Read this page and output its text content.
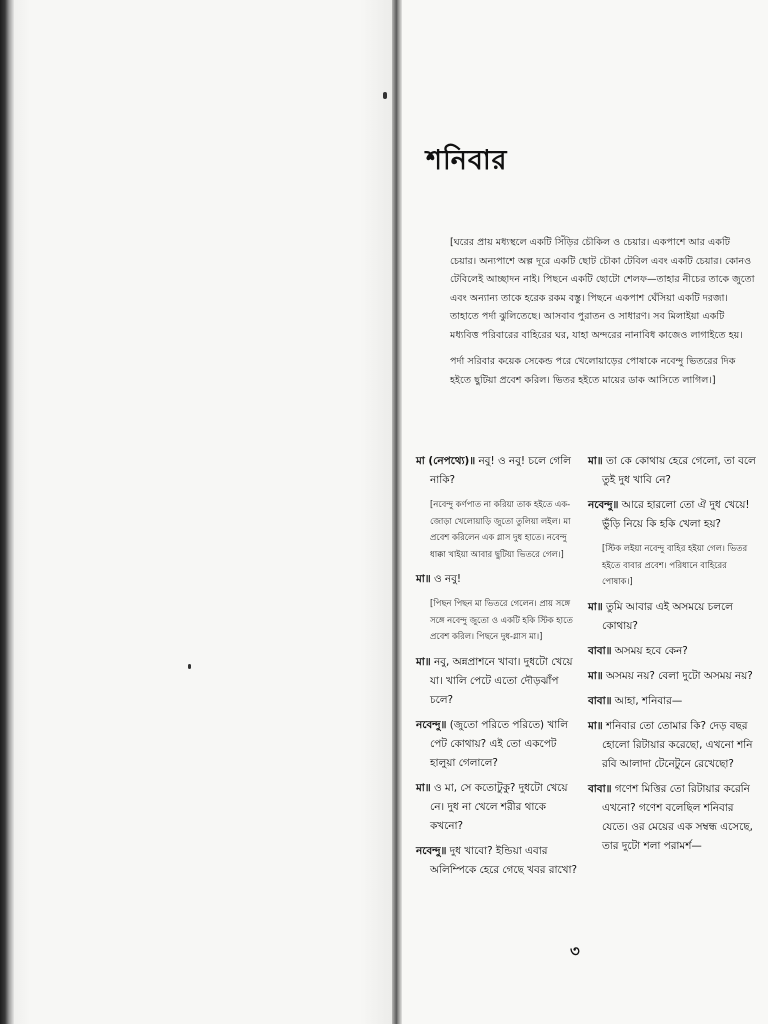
শনিবার

[ঘরের প্রায় মধ্যস্থলে একটি সিঁড়ির চৌকিল ও চেয়ার। একপাশে আর একটি চেয়ার। অন্যপাশে অল্প দূরে একটি ছোট চৌকা টেবিল এবং একটি চেয়ার। কোনও টেবিলেই আচ্ছাদন নাই। পিছনে একটি ছোটো শেলফ—তাহার নীচের তাকে জুতো এবং অন্যান্য তাকে হরেক রকম বস্তু। পিছনে একপাশ ঘেঁসিয়া একটি দরজা। তাহাতে পর্দা ঝুলিতেছে। আসবাব পুরাতন ও সাধারণ। সব মিলাইয়া একটি মধ্যবিত্ত পরিবারের বাহিরের ঘর, যাহা অন্দরের নানাবিধ কাজেও লাগাইতে হয়।

পর্দা সরিবার কয়েক সেকেন্ড পরে খেলোয়াড়ের পোষাকে নবেন্দু ভিতরের দিক হইতে ছুটিয়া প্রবেশ করিল। ভিতর হইতে মায়ের ডাক আসিতে লাগিল।]

মা (নেপথ্যে)॥ নবু! ও নবু! চলে গেলি নাকি?
[নবেন্দু কর্ণপাত না করিয়া তাক হইতে এক-জোড়া খেলোয়াড়ি জুতো তুলিয়া লইল। মা প্রবেশ করিলেন এক গ্লাস দুধ হাতে। নবেন্দু ধাক্কা খাইয়া আবার ছুটিয়া ভিতরে গেল।]
মা॥ ও নবু!
[পিছন পিছন মা ভিতরে গেলেন। প্রায় সঙ্গে সঙ্গে নবেন্দু জুতো ও একটি হকি স্টিক হাতে প্রবেশ করিল। পিছনে দুধ-গ্লাস মা।]
মা॥ নবু, অন্নপ্রাশনে খাবা। দুধটো খেয়ে যা। খালি পেটে এতো দৌড়ঝাঁপ চলে?
নবেন্দু॥ (জুতো পরিতে পরিতে) খালি পেট কোথায়? এই তো একপেট হালুয়া গেলালে?
মা॥ ও মা, সে কতোটুকু? দুধটো খেয়ে নে। দুধ না খেলে শরীর থাকে কখনো?
নবেন্দু॥ দুধ খাবো? ইন্ডিয়া এবার অলিম্পিকে হেরে গেছে খবর রাখো?
মা॥ তা কে কোথায় হেরে গেলো, তা বলে তুই দুধ খাবি নে?
নবেন্দু॥ আরে হারলো তো ঐ দুধ খেয়ে! ভুঁড়ি নিয়ে কি হকি খেলা হয়?
[স্টিক লইয়া নবেন্দু বাহির হইয়া গেল। ভিতর হইতে বাবার প্রবেশ। পরিধানে বাহিরের পোষাক।]
মা॥ তুমি আবার এই অসময়ে চললে কোথায়?
বাবা॥ অসময় হবে কেন?
মা॥ অসময় নয়? বেলা দুটো অসময় নয়?
বাবা॥ আহা, শনিবার—
মা॥ শনিবার তো তোমার কি? দেড় বছর হোলো রিটায়ার করেছো, এখনো শনি রবি আলাদা টেনেটুনে রেখেছো?
বাবা॥ গণেশ মিত্তির তো রিটায়ার করেনি এখনো? গণেশ বলেছিল শনিবার যেতে। ওর মেয়ের এক সম্বন্ধ এসেছে, তার দুটো শলা পরামর্শ—
৩
